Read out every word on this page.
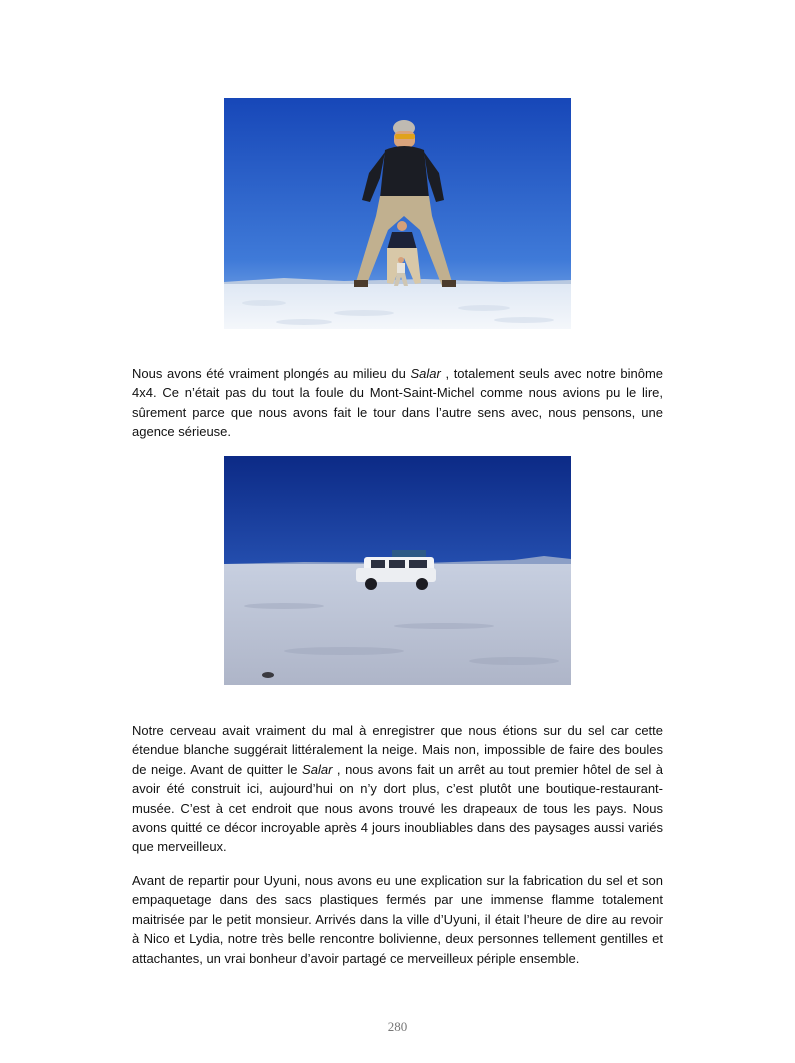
Nous avons été vraiment plongés au milieu du Salar , totalement seuls avec notre binôme 4x4. Ce n’était pas du tout la foule du Mont-Saint-Michel comme nous avions pu le lire, sûrement parce que nous avons fait le tour dans l’autre sens avec, nous pensons, une agence sérieuse.

Notre cerveau avait vraiment du mal à enregistrer que nous étions sur du sel car cette étendue blanche suggérait littéralement la neige. Mais non, impossible de faire des boules de neige. Avant de quitter le Salar , nous avons fait un arrêt au tout premier hôtel de sel à avoir été construit ici, aujourd’hui on n’y dort plus, c’est plutôt une boutique-restaurant-musée. C’est à cet endroit que nous avons trouvé les drapeaux de tous les pays. Nous avons quitté ce décor incroyable après 4 jours inoubliables dans des paysages aussi variés que merveilleux.

Avant de repartir pour Uyuni, nous avons eu une explication sur la fabrication du sel et son empaquetage dans des sacs plastiques fermés par une immense flamme totalement maitrisée par le petit monsieur. Arrivés dans la ville d’Uyuni, il était l’heure de dire au revoir à Nico et Lydia, notre très belle rencontre bolivienne, deux personnes tellement gentilles et attachantes, un vrai bonheur d’avoir partagé ce merveilleux périple ensemble.

280
